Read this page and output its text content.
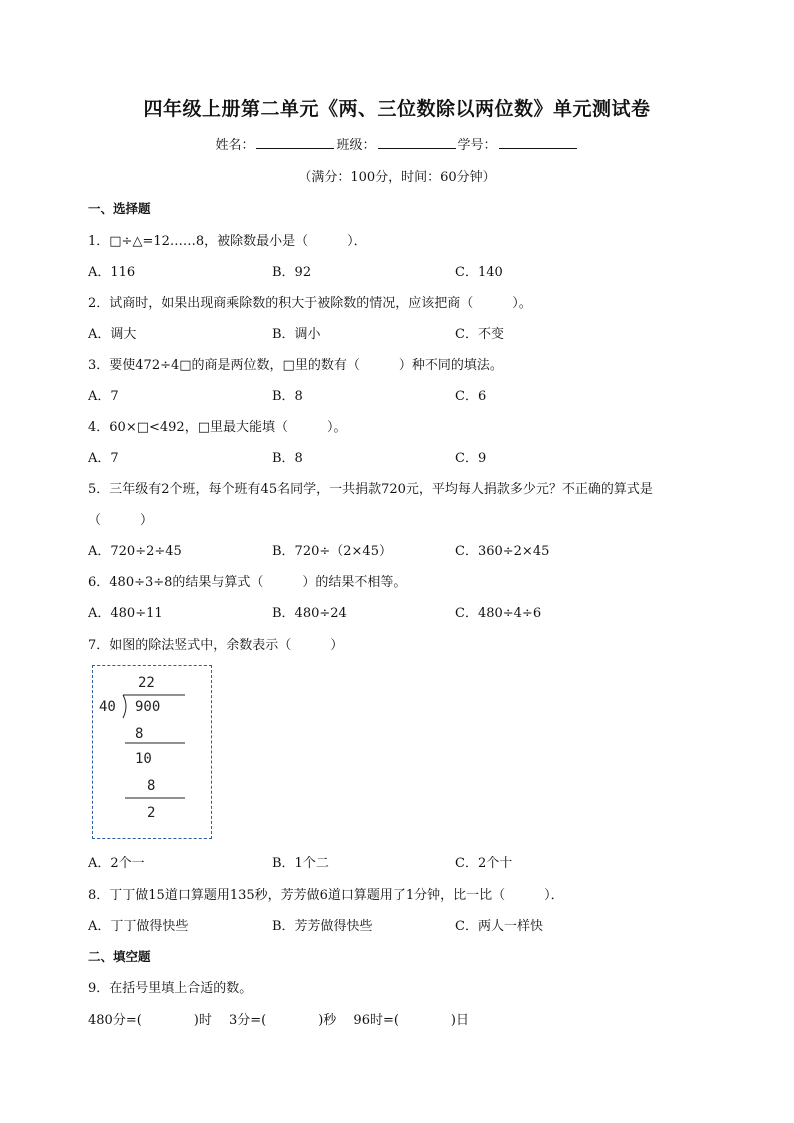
四年级上册第二单元《两、三位数除以两位数》单元测试卷
姓名：	班级：	学号：
（满分：100分，时间：60分钟）
一、选择题
1．□÷△=12……8，被除数最小是（　　　）．
A．116	B．92	C．140
2．试商时，如果出现商乘除数的积大于被除数的情况，应该把商（　　　）。
A．调大	B．调小	C．不变
3．要使472÷4□的商是两位数，□里的数有（　　　）种不同的填法。
A．7	B．8	C．6
4．60×□<492，□里最大能填（　　　）。
A．7	B．8	C．9
5．三年级有2个班，每个班有45名同学，一共捐款720元，平均每人捐款多少元？不正确的算式是
（　　　）
A．720÷2÷45	B．720÷（2×45）	C．360÷2×45
6．480÷3÷8的结果与算式（　　　）的结果不相等。
A．480÷11	B．480÷24	C．480÷4÷6
7．如图的除法竖式中，余数表示（　　　）
22
40 900
8
10
8
2
A．2个一	B．1个二	C．2个十
8．丁丁做15道口算题用135秒，芳芳做6道口算题用了1分钟，比一比（　　　）．
A．丁丁做得快些	B．芳芳做得快些	C．两人一样快
二、填空题
9．在括号里填上合适的数。
480分=(　　　　)时　 3分=(　　　　)秒　 96时=(　　　　)日
